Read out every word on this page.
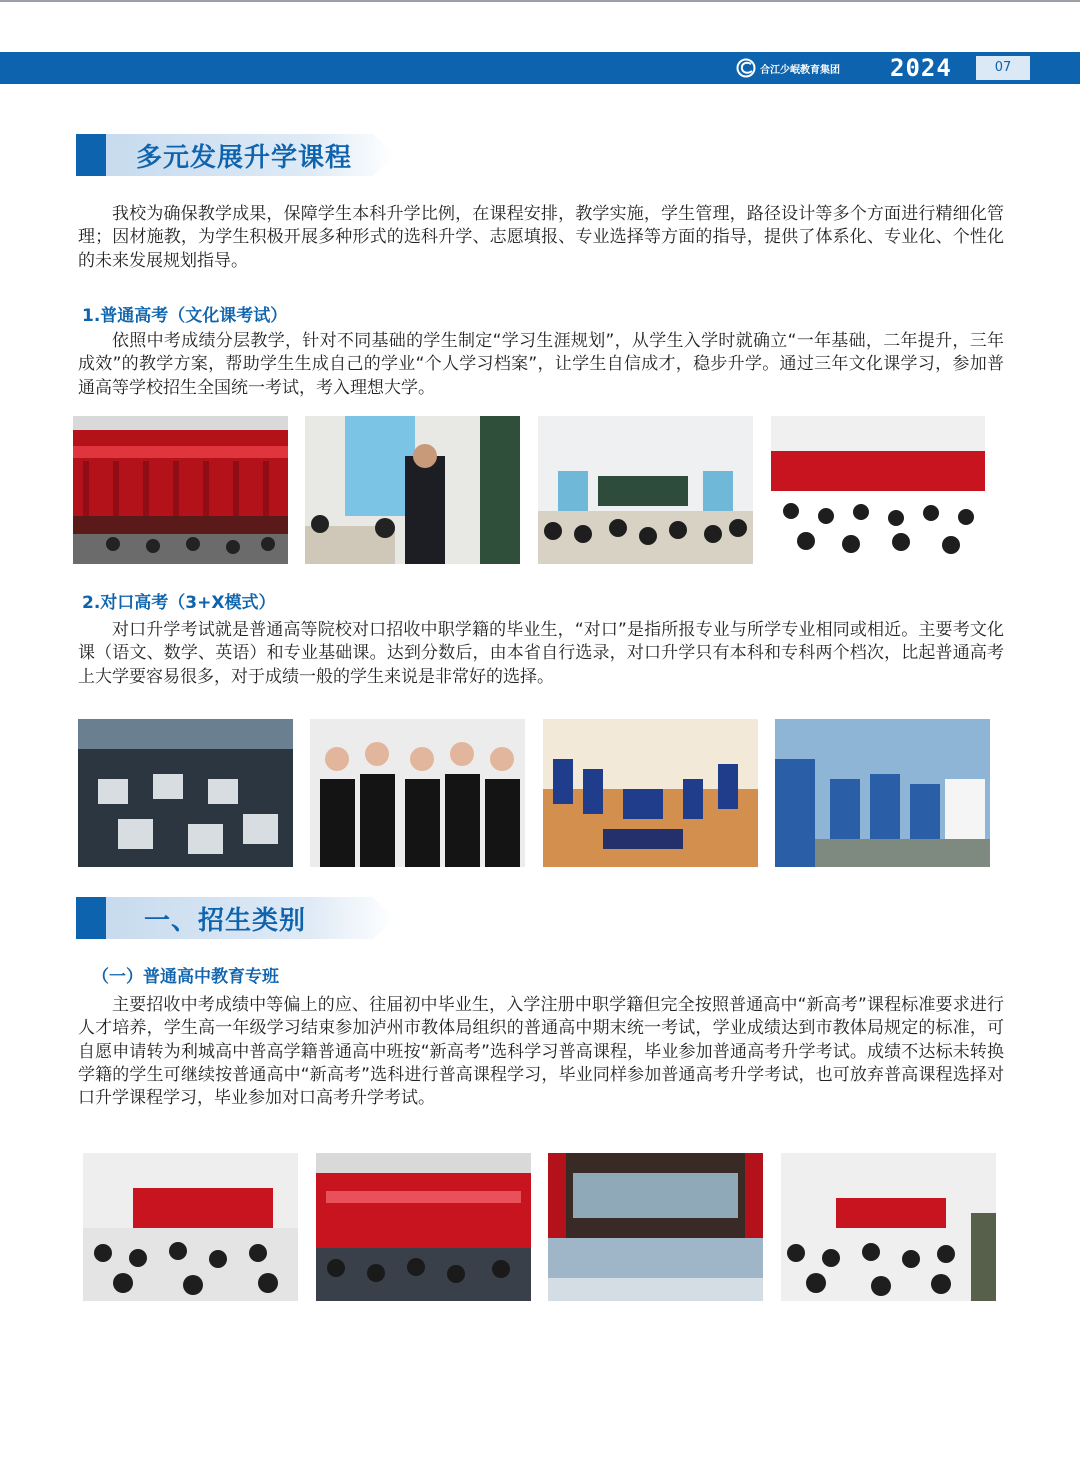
合江少岷教育集团 2024	07
多元发展升学课程

我校为确保教学成果，保障学生本科升学比例，在课程安排，教学实施，学生管理，路径设计等多个方面进行精细化管理；因材施教，为学生积极开展多种形式的选科升学、志愿填报、专业选择等方面的指导，提供了体系化、专业化、个性化的未来发展规划指导。

1.普通高考（文化课考试）

依照中考成绩分层教学，针对不同基础的学生制定“学习生涯规划”，从学生入学时就确立“一年基础，二年提升，三年成效”的教学方案，帮助学生生成自己的学业“个人学习档案”，让学生自信成才，稳步升学。通过三年文化课学习，参加普通高等学校招生全国统一考试，考入理想大学。

2.对口高考（3+X模式）

对口升学考试就是普通高等院校对口招收中职学籍的毕业生，“对口”是指所报专业与所学专业相同或相近。主要考文化课（语文、数学、英语）和专业基础课。达到分数后，由本省自行选录，对口升学只有本科和专科两个档次，比起普通高考上大学要容易很多，对于成绩一般的学生来说是非常好的选择。

一、招生类别
（一）普通高中教育专班

主要招收中考成绩中等偏上的应、往届初中毕业生，入学注册中职学籍但完全按照普通高中“新高考”课程标准要求进行人才培养，学生高一年级学习结束参加泸州市教体局组织的普通高中期末统一考试，学业成绩达到市教体局规定的标准，可自愿申请转为利城高中普高学籍普通高中班按“新高考”选科学习普高课程，毕业参加普通高考升学考试。成绩不达标未转换学籍的学生可继续按普通高中“新高考”选科进行普高课程学习，毕业同样参加普通高考升学考试，也可放弃普高课程选择对口升学课程学习，毕业参加对口高考升学考试。
